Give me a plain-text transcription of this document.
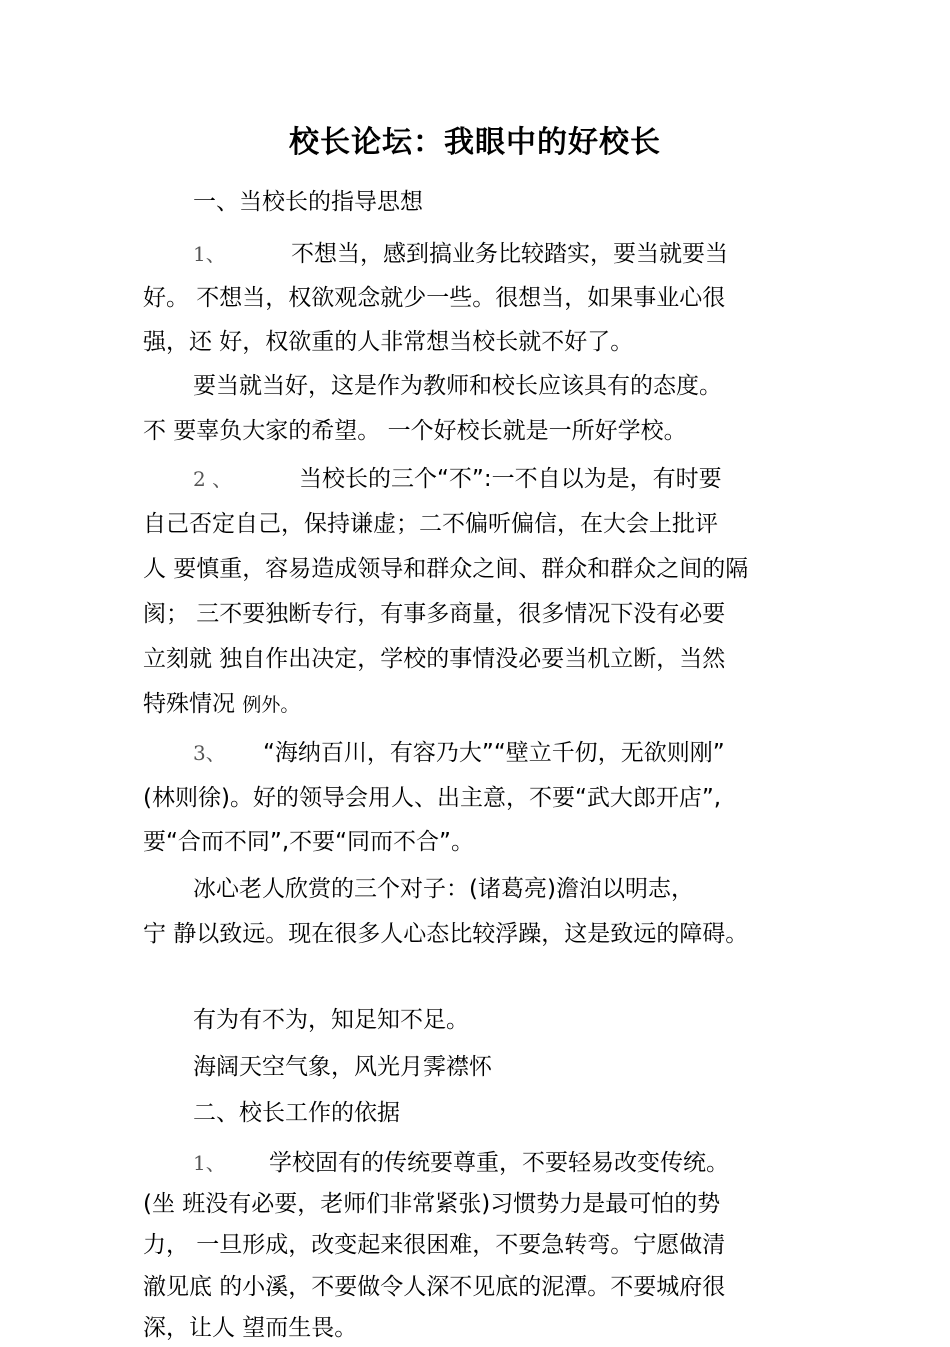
校长论坛：我眼中的好校长
一、当校长的指导思想
1、	不想当，感到搞业务比较踏实，要当就要当
好。 不想当，权欲观念就少一些。很想当，如果事业心很
强，还 好，权欲重的人非常想当校长就不好了。
要当就当好，这是作为教师和校长应该具有的态度。
不 要辜负大家的希望。 一个好校长就是一所好学校。
2 、	当校长的三个“不”:一不自以为是，有时要
自己否定自己，保持谦虚；二不偏听偏信，在大会上批评
人 要慎重，容易造成领导和群众之间、群众和群众之间的隔
阂； 三不要独断专行，有事多商量，很多情况下没有必要
立刻就 独自作出决定，学校的事情没必要当机立断，当然
特殊情况 例外。
3、 “海纳百川，有容乃大”“壁立千仞，无欲则刚”
(林则徐)。好的领导会用人、出主意，不要“武大郎开店”,
要“合而不同”,不要“同而不合”。
冰心老人欣赏的三个对子：(诸葛亮)澹泊以明志，
宁 静以致远。现在很多人心态比较浮躁，这是致远的障碍。
有为有不为，知足知不足。
海阔天空气象，风光月霁襟怀
二、校长工作的依据
1、 学校固有的传统要尊重，不要轻易改变传统。
(坐 班没有必要，老师们非常紧张)习惯势力是最可怕的势
力， 一旦形成，改变起来很困难，不要急转弯。宁愿做清
澈见底 的小溪，不要做令人深不见底的泥潭。不要城府很
深，让人 望而生畏。
